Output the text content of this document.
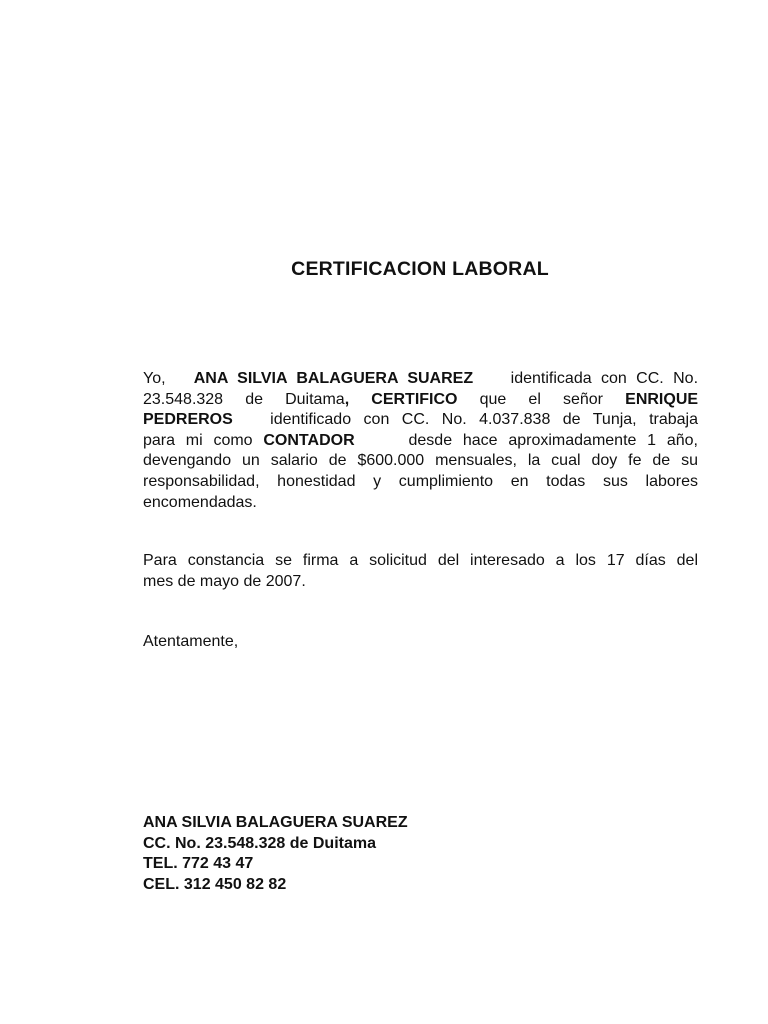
CERTIFICACION LABORAL
Yo, ANA SILVIA BALAGUERA SUAREZ identificada con CC. No.
23.548.328 de Duitama, CERTIFICO que el señor ENRIQUE
PEDREROS identificado con CC. No. 4.037.838 de Tunja, trabaja
para mi como CONTADOR	desde hace aproximadamente 1 año,
devengando un salario de $600.000 mensuales, la cual doy fe de su
responsabilidad, honestidad y cumplimiento en todas sus labores
encomendadas.
Para constancia se firma a solicitud del interesado a los 17 días del
mes de mayo de 2007.
Atentamente,
ANA SILVIA BALAGUERA SUAREZ
CC. No. 23.548.328 de Duitama
TEL. 772 43 47
CEL. 312 450 82 82
